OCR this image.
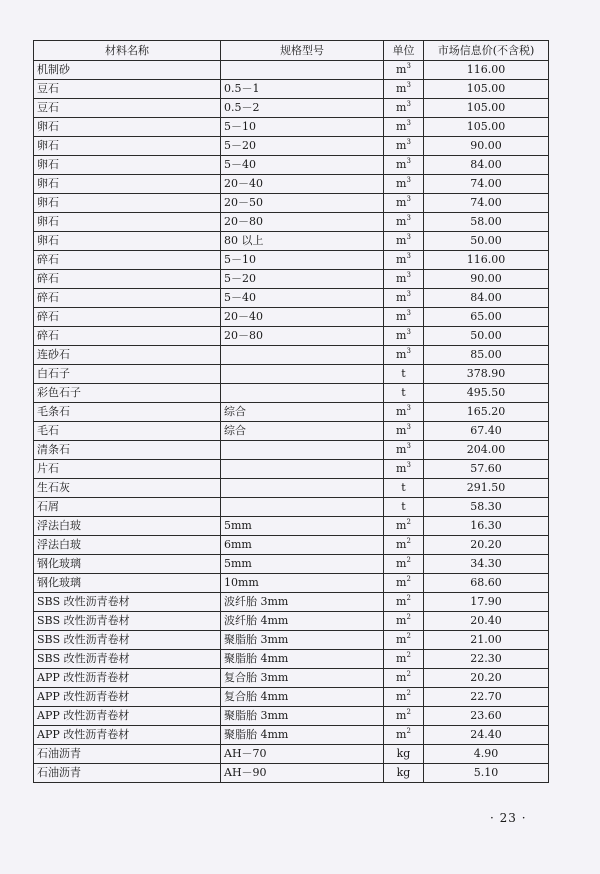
材料名称	规格型号	单位	市场信息价(不含税)
机制砂		$m^3$	116.00
豆石	0.5－1	$m^3$	105.00
豆石	0.5－2	$m^3$	105.00
卵石	5－10	$m^3$	105.00
卵石	5－20	$m^3$	90.00
卵石	5－40	$m^3$	84.00
卵石	20－40	$m^3$	74.00
卵石	20－50	$m^3$	74.00
卵石	20－80	$m^3$	58.00
卵石	80 以上	$m^3$	50.00
碎石	5－10	$m^3$	116.00
碎石	5－20	$m^3$	90.00
碎石	5－40	$m^3$	84.00
碎石	20－40	$m^3$	65.00
碎石	20－80	$m^3$	50.00
连砂石		$m^3$	85.00
白石子		t	378.90
彩色石子		t	495.50
毛条石	综合	$m^3$	165.20
毛石	综合	$m^3$	67.40
清条石		$m^3$	204.00
片石		$m^3$	57.60
生石灰		t	291.50
石屑		t	58.30
浮法白玻	5mm	$m^2$	16.30
浮法白玻	6mm	$m^2$	20.20
钢化玻璃	5mm	$m^2$	34.30
钢化玻璃	10mm	$m^2$	68.60
SBS 改性沥青卷材	波纤胎 3mm	$m^2$	17.90
SBS 改性沥青卷材	波纤胎 4mm	$m^2$	20.40
SBS 改性沥青卷材	聚脂胎 3mm	$m^2$	21.00
SBS 改性沥青卷材	聚脂胎 4mm	$m^2$	22.30
APP 改性沥青卷材	复合胎 3mm	$m^2$	20.20
APP 改性沥青卷材	复合胎 4mm	$m^2$	22.70
APP 改性沥青卷材	聚脂胎 3mm	$m^2$	23.60
APP 改性沥青卷材	聚脂胎 4mm	$m^2$	24.40
石油沥青	AH－70	kg	4.90
石油沥青	AH－90	kg	5.10
· 23 ·
